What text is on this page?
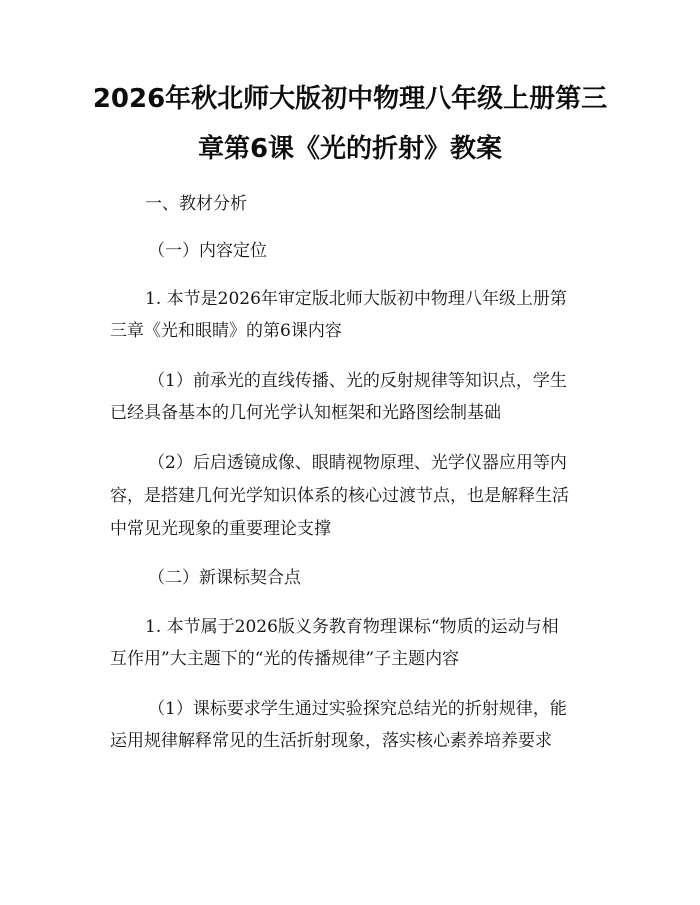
2026年秋北师大版初中物理八年级上册第三
章第6课《光的折射》教案
一、教材分析
（一）内容定位
1. 本节是2026年审定版北师大版初中物理八年级上册第
三章《光和眼睛》的第6课内容
（1）前承光的直线传播、光的反射规律等知识点，学生
已经具备基本的几何光学认知框架和光路图绘制基础
（2）后启透镜成像、眼睛视物原理、光学仪器应用等内
容，是搭建几何光学知识体系的核心过渡节点，也是解释生活
中常见光现象的重要理论支撑
（二）新课标契合点
1. 本节属于2026版义务教育物理课标“物质的运动与相
互作用”大主题下的“光的传播规律”子主题内容
（1）课标要求学生通过实验探究总结光的折射规律，能
运用规律解释常见的生活折射现象，落实核心素养培养要求
